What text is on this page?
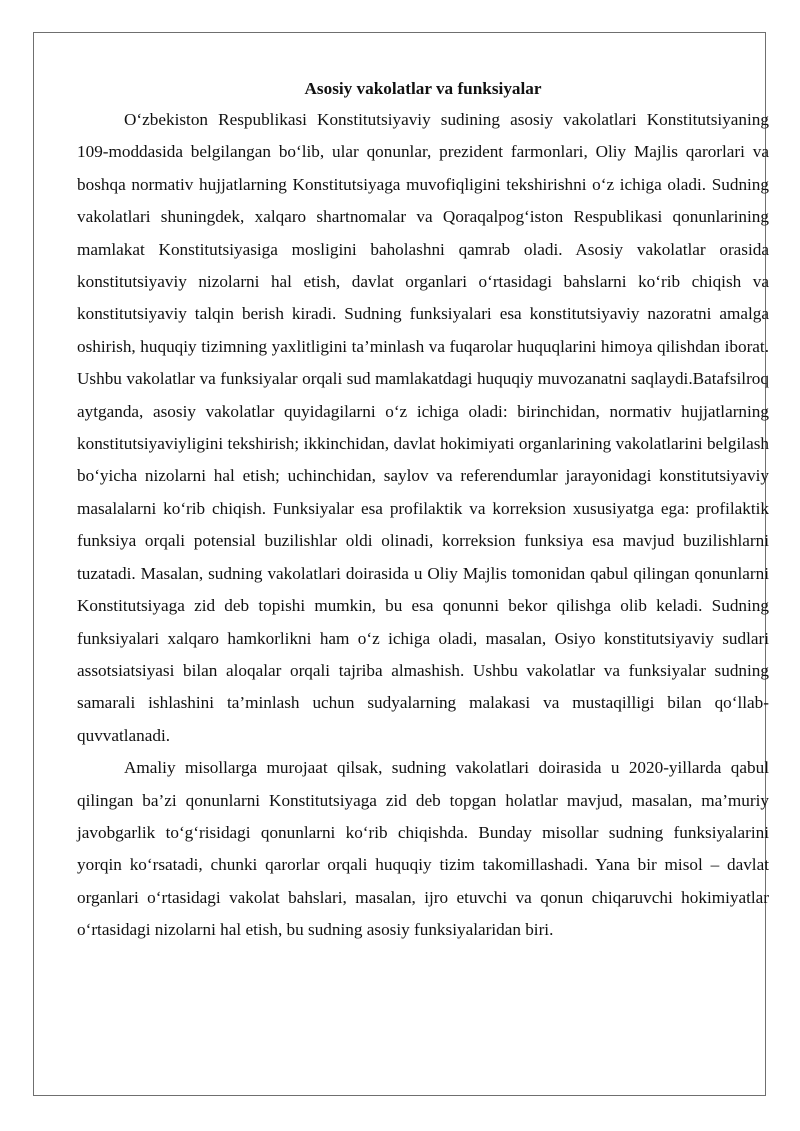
Asosiy vakolatlar va funksiyalar

O‘zbekiston Respublikasi Konstitutsiyaviy sudining asosiy vakolatlari Konstitutsiyaning 109-moddasida belgilangan bo‘lib, ular qonunlar, prezident farmonlari, Oliy Majlis qarorlari va boshqa normativ hujjatlarning Konstitutsiyaga muvofiqligini tekshirishni o‘z ichiga oladi. Sudning vakolatlari shuningdek, xalqaro shartnomalar va Qoraqalpog‘iston Respublikasi qonunlarining mamlakat Konstitutsiyasiga mosligini baholashni qamrab oladi. Asosiy vakolatlar orasida konstitutsiyaviy nizolarni hal etish, davlat organlari o‘rtasidagi bahslarni ko‘rib chiqish va konstitutsiyaviy talqin berish kiradi. Sudning funksiyalari esa konstitutsiyaviy nazoratni amalga oshirish, huquqiy tizimning yaxlitligini ta’minlash va fuqarolar huquqlarini himoya qilishdan iborat. Ushbu vakolatlar va funksiyalar orqali sud mamlakatdagi huquqiy muvozanatni saqlaydi.Batafsilroq aytganda, asosiy vakolatlar quyidagilarni o‘z ichiga oladi: birinchidan, normativ hujjatlarning konstitutsiyaviyligini tekshirish; ikkinchidan, davlat hokimiyati organlarining vakolatlarini belgilash bo‘yicha nizolarni hal etish; uchinchidan, saylov va referendumlar jarayonidagi konstitutsiyaviy masalalarni ko‘rib chiqish. Funksiyalar esa profilaktik va korreksion xususiyatga ega: profilaktik funksiya orqali potensial buzilishlar oldi olinadi, korreksion funksiya esa mavjud buzilishlarni tuzatadi. Masalan, sudning vakolatlari doirasida u Oliy Majlis tomonidan qabul qilingan qonunlarni Konstitutsiyaga zid deb topishi mumkin, bu esa qonunni bekor qilishga olib keladi. Sudning funksiyalari xalqaro hamkorlikni ham o‘z ichiga oladi, masalan, Osiyo konstitutsiyaviy sudlari assotsiatsiyasi bilan aloqalar orqali tajriba almashish. Ushbu vakolatlar va funksiyalar sudning samarali ishlashini ta’minlash uchun sudyalarning malakasi va mustaqilligi bilan qo‘llab-quvvatlanadi.

Amaliy misollarga murojaat qilsak, sudning vakolatlari doirasida u 2020-yillarda qabul qilingan ba’zi qonunlarni Konstitutsiyaga zid deb topgan holatlar mavjud, masalan, ma’muriy javobgarlik to‘g‘risidagi qonunlarni ko‘rib chiqishda. Bunday misollar sudning funksiyalarini yorqin ko‘rsatadi, chunki qarorlar orqali huquqiy tizim takomillashadi. Yana bir misol – davlat organlari o‘rtasidagi vakolat bahslari, masalan, ijro etuvchi va qonun chiqaruvchi hokimiyatlar o‘rtasidagi nizolarni hal etish, bu sudning asosiy funksiyalaridan biri.
